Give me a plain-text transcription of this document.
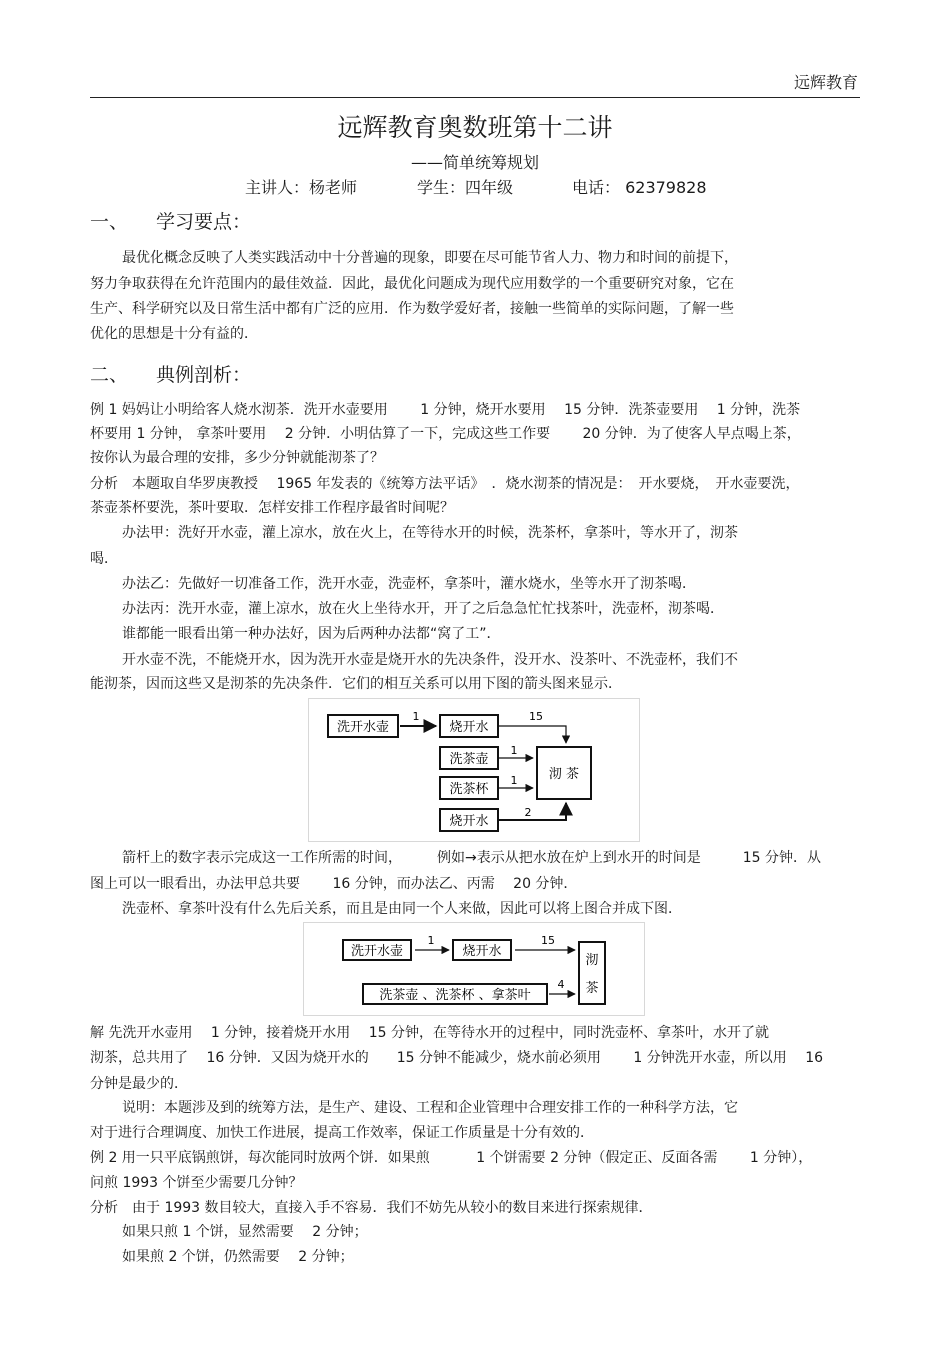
远辉教育
远辉教育奥数班第十二讲
——简单统筹规划
主讲人：杨老师	学生：四年级	电话： 62379828
一、 学习要点：
最优化概念反映了人类实践活动中十分普遍的现象，即要在尽可能节省人力、物力和时间的前提下，
努力争取获得在允许范围内的最佳效益．因此，最优化问题成为现代应用数学的一个重要研究对象，它在
生产、科学研究以及日常生活中都有广泛的应用．作为数学爱好者，接触一些简单的实际问题，了解一些
优化的思想是十分有益的．
二、 典例剖析：
例 1 妈妈让小明给客人烧水沏茶．洗开水壶要用　　 1 分钟，烧开水要用　 15 分钟．洗茶壶要用　 1 分钟，洗茶
杯要用 1 分钟， 拿茶叶要用　 2 分钟．小明估算了一下，完成这些工作要　　 20 分钟．为了使客人早点喝上茶，
按你认为最合理的安排，多少分钟就能沏茶了？
分析　本题取自华罗庚教授　 1965 年发表的《统筹方法平话》　．烧水沏茶的情况是：　开水要烧，　开水壶要洗，
茶壶茶杯要洗，茶叶要取．怎样安排工作程序最省时间呢？
办法甲：洗好开水壶，灌上凉水，放在火上，在等待水开的时候，洗茶杯，拿茶叶，等水开了，沏茶
喝．
办法乙：先做好一切准备工作，洗开水壶，洗壶杯，拿茶叶，灌水烧水，坐等水开了沏茶喝．
办法丙：洗开水壶，灌上凉水，放在火上坐待水开，开了之后急急忙忙找茶叶，洗壶杯，沏茶喝．
谁都能一眼看出第一种办法好，因为后两种办法都“窝了工”．
开水壶不洗，不能烧开水，因为洗开水壶是烧开水的先决条件，没开水、没茶叶、不洗壶杯，我们不
能沏茶，因而这些又是沏茶的先决条件．它们的相互关系可以用下图的箭头图来显示．
洗开水壶	烧开水
洗茶壶
洗茶杯
烧开水
沏 茶
1	15
1
1
2
箭杆上的数字表示完成这一工作所需的时间，　　　例如→表示从把水放在炉上到水开的时间是　　　15 分钟．从
图上可以一眼看出，办法甲总共要　　 16 分钟，而办法乙、丙需　 20 分钟．
洗壶杯、拿茶叶没有什么先后关系，而且是由同一个人来做，因此可以将上图合并成下图．
洗开水壶	烧开水
洗茶壶 、洗茶杯 、拿茶叶
沏
茶
1	15
4
解 先洗开水壶用　 1 分钟，接着烧开水用　 15 分钟，在等待水开的过程中，同时洗壶杯、拿茶叶，水开了就
沏茶，总共用了　 16 分钟．又因为烧开水的　　15 分钟不能减少，烧水前必须用　　 1 分钟洗开水壶，所以用　 16
分钟是最少的．
说明：本题涉及到的统筹方法，是生产、建设、工程和企业管理中合理安排工作的一种科学方法，它
对于进行合理调度、加快工作进展，提高工作效率，保证工作质量是十分有效的．
例 2 用一只平底锅煎饼，每次能同时放两个饼．如果煎　　　 1 个饼需要 2 分钟（假定正、反面各需　　 1 分钟），
问煎 1993 个饼至少需要几分钟？
分析　由于 1993 数目较大，直接入手不容易．我们不妨先从较小的数目来进行探索规律．
如果只煎 1 个饼，显然需要　 2 分钟；
如果煎 2 个饼，仍然需要　 2 分钟；
